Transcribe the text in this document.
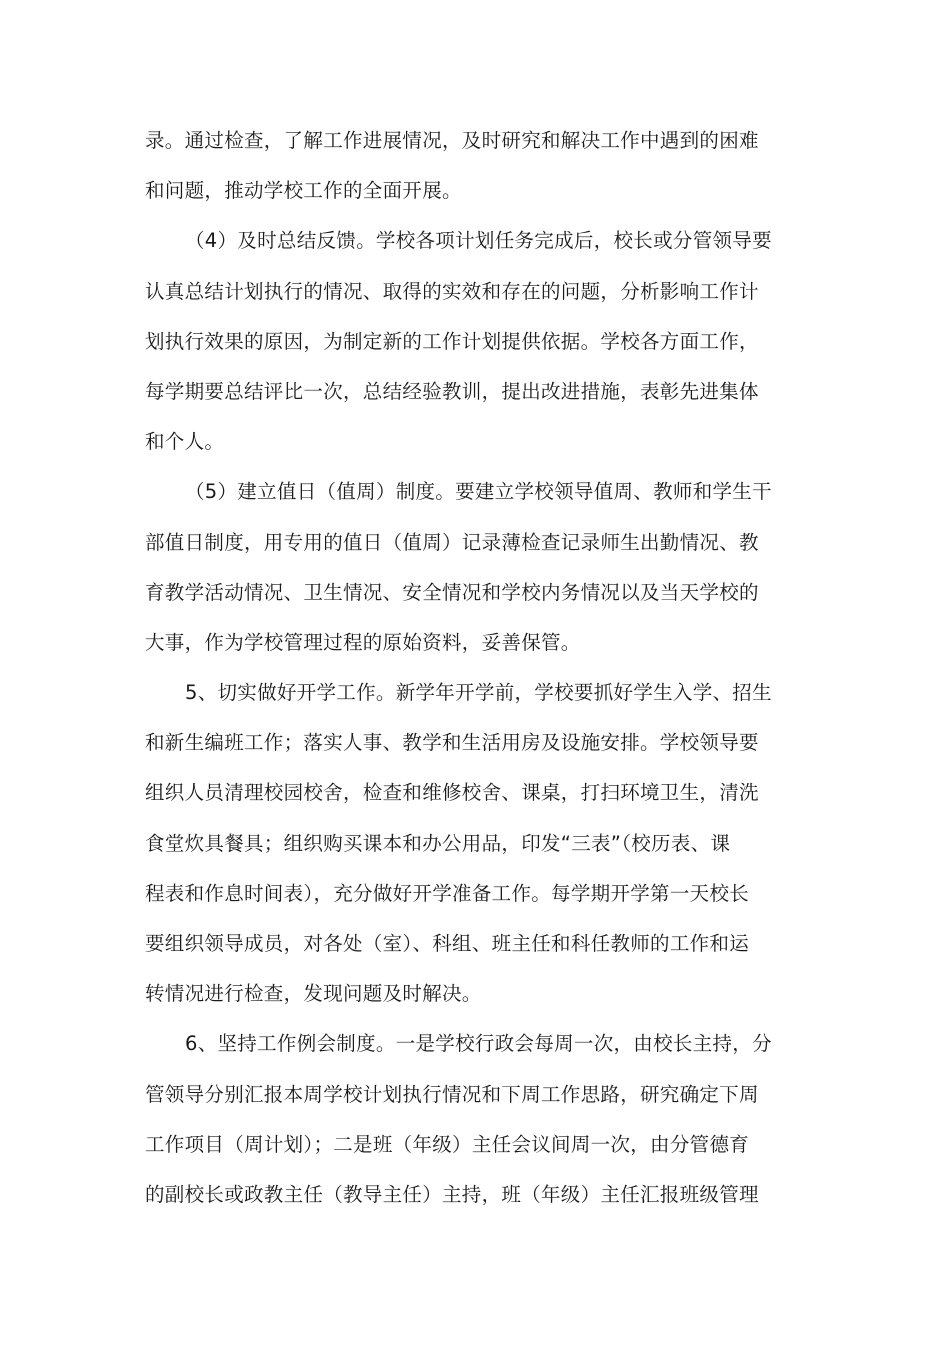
录。通过检查，了解工作进展情况，及时研究和解决工作中遇到的困难
和问题，推动学校工作的全面开展。
（4）及时总结反馈。学校各项计划任务完成后，校长或分管领导要
认真总结计划执行的情况、取得的实效和存在的问题，分析影响工作计
划执行效果的原因，为制定新的工作计划提供依据。学校各方面工作，
每学期要总结评比一次，总结经验教训，提出改进措施，表彰先进集体
和个人。
（5）建立值日（值周）制度。要建立学校领导值周、教师和学生干
部值日制度，用专用的值日（值周）记录薄检查记录师生出勤情况、教
育教学活动情况、卫生情况、安全情况和学校内务情况以及当天学校的
大事，作为学校管理过程的原始资料，妥善保管。
5、切实做好开学工作。新学年开学前，学校要抓好学生入学、招生
和新生编班工作；落实人事、教学和生活用房及设施安排。学校领导要
组织人员清理校园校舍，检查和维修校舍、课桌，打扫环境卫生，清洗
食堂炊具餐具；组织购买课本和办公用品，印发“三表”（校历表、课
程表和作息时间表），充分做好开学准备工作。每学期开学第一天校长
要组织领导成员，对各处（室）、科组、班主任和科任教师的工作和运
转情况进行检查，发现问题及时解决。
6、坚持工作例会制度。一是学校行政会每周一次，由校长主持，分
管领导分别汇报本周学校计划执行情况和下周工作思路，研究确定下周
工作项目（周计划）；二是班（年级）主任会议间周一次，由分管德育
的副校长或政教主任（教导主任）主持，班（年级）主任汇报班级管理
